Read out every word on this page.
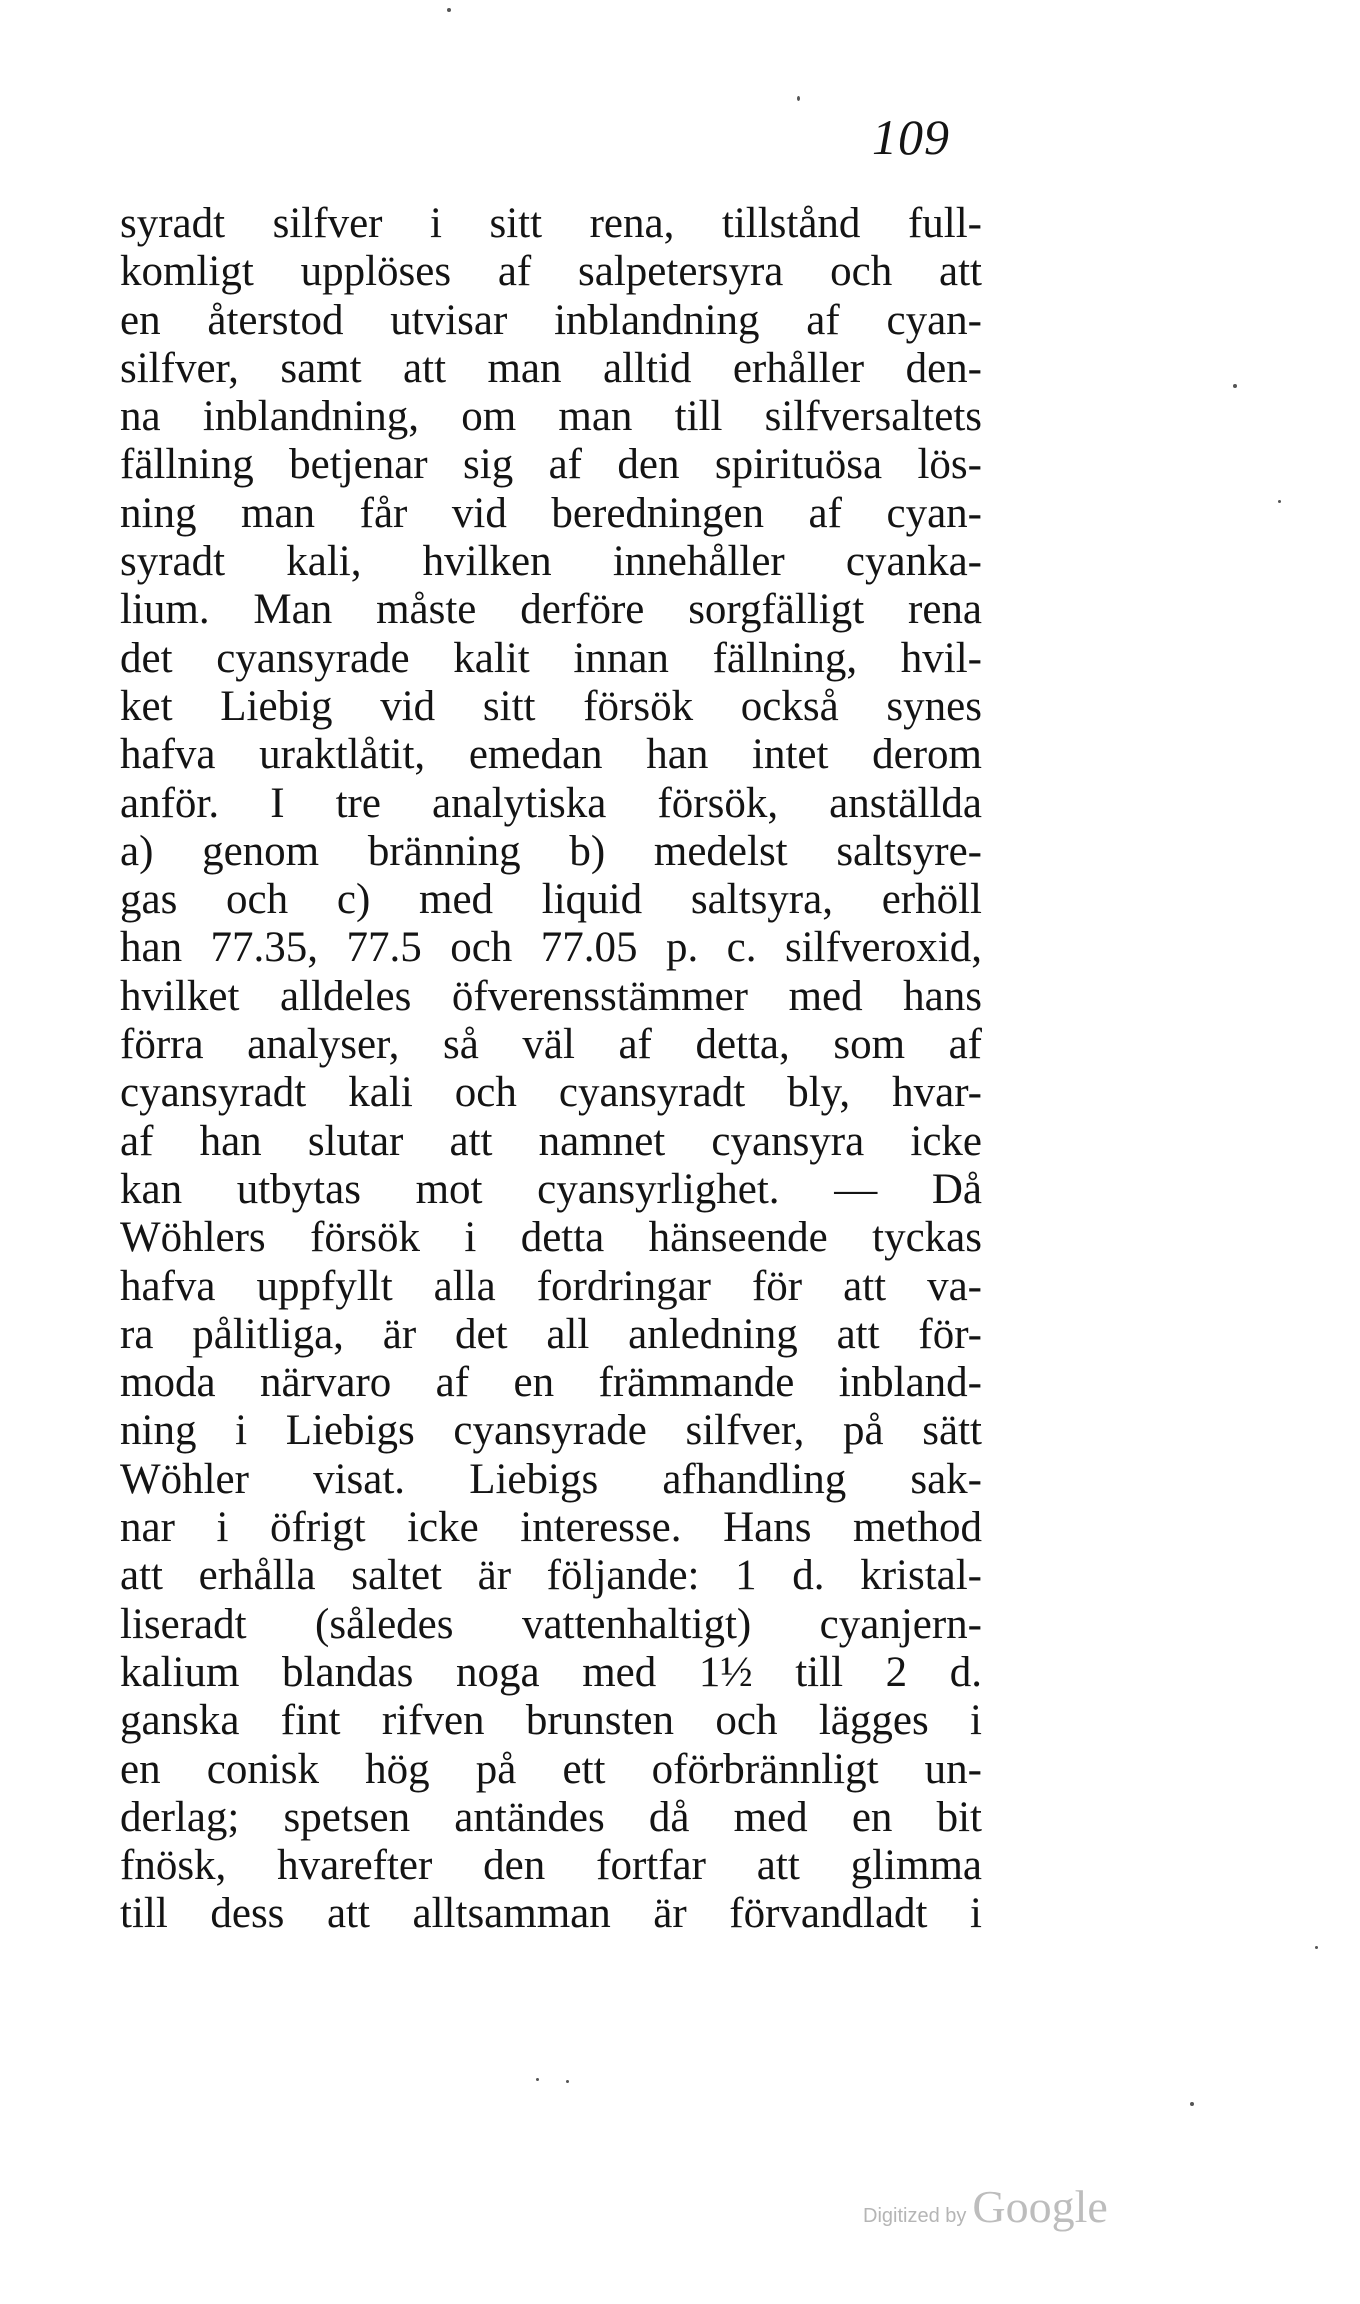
109
syradt silfver i sitt rena, tillstånd full-
komligt upplöses af salpetersyra och att
en återstod utvisar inblandning af cyan-
silfver, samt att man alltid erhåller den-
na inblandning, om man till silfversaltets
fällning betjenar sig af den spirituösa lös-
ning man får vid beredningen af cyan-
syradt kali, hvilken innehåller cyanka-
lium. Man måste derföre sorgfälligt rena
det cyansyrade kalit innan fällning, hvil-
ket Liebig vid sitt försök också synes
hafva uraktlåtit, emedan han intet derom
anför. I tre analytiska försök, anställda
a) genom bränning b) medelst saltsyre-
gas och c) med liquid saltsyra, erhöll
han 77.35, 77.5 och 77.05 p. c. silfveroxid,
hvilket alldeles öfverensstämmer med hans
förra analyser, så väl af detta, som af
cyansyradt kali och cyansyradt bly, hvar-
af han slutar att namnet cyansyra icke
kan utbytas mot cyansyrlighet. — Då
Wöhlers försök i detta hänseende tyckas
hafva uppfyllt alla fordringar för att va-
ra pålitliga, är det all anledning att för-
moda närvaro af en främmande inbland-
ning i Liebigs cyansyrade silfver, på sätt
Wöhler visat. Liebigs afhandling sak-
nar i öfrigt icke interesse. Hans method
att erhålla saltet är följande: 1 d. kristal-
liseradt (således vattenhaltigt) cyanjern-
kalium blandas noga med 1½ till 2 d.
ganska fint rifven brunsten och lägges i
en conisk hög på ett oförbrännligt un-
derlag; spetsen antändes då med en bit
fnösk, hvarefter den fortfar att glimma
till dess att alltsamman är förvandladt i
Digitized by Google
